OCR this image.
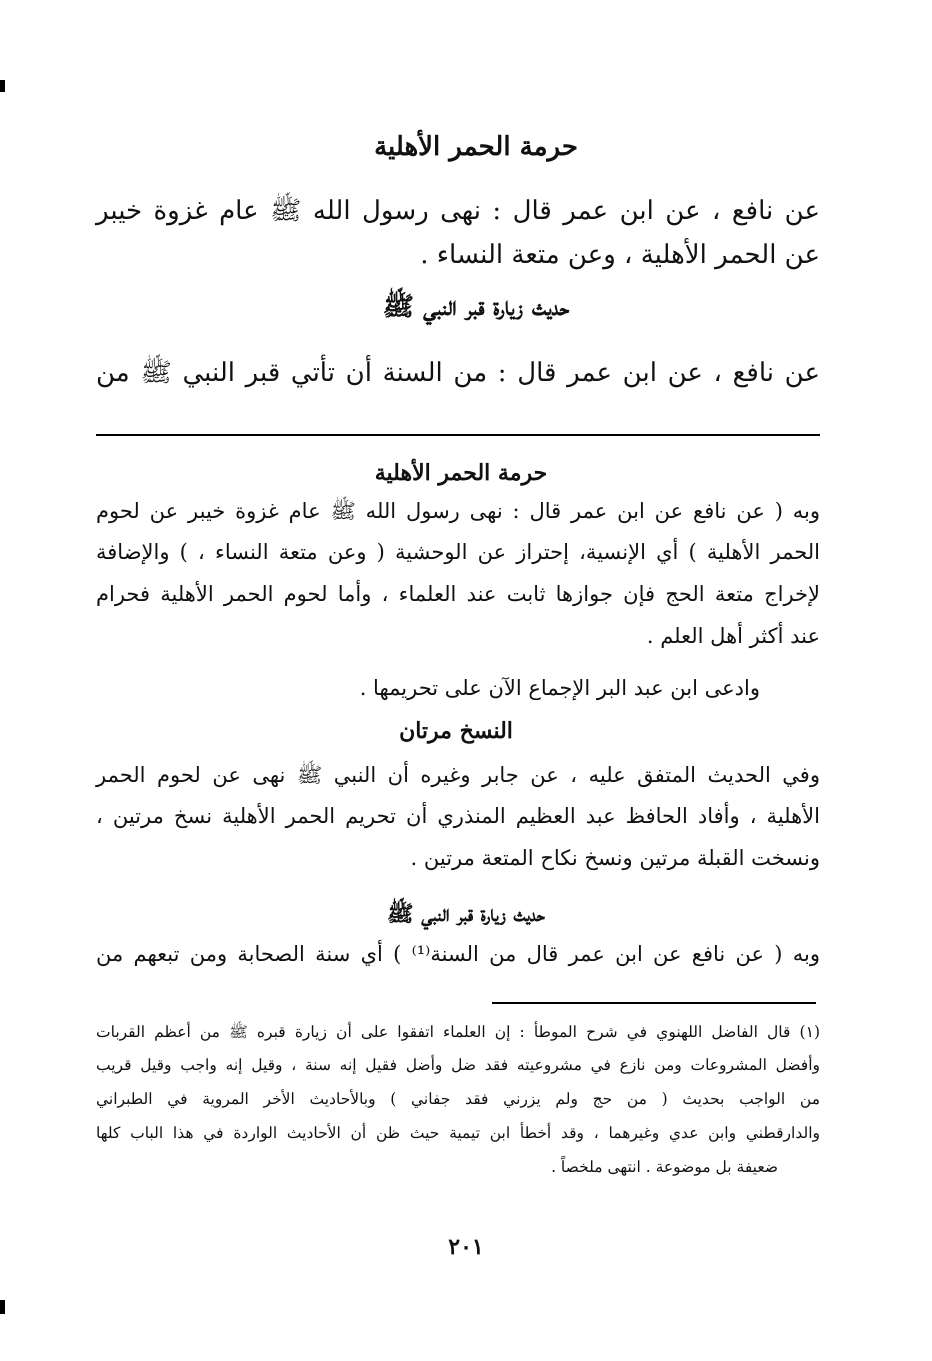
حرمة الحمر الأهلية
عن نافع ، عن ابن عمر قال : نهى رسول الله ﷺ عام غزوة خيبر
عن الحمر الأهلية ، وعن متعة النساء .
حديث زيارة قبر النبي ﷺ
عن نافع ، عن ابن عمر قال : من السنة أن تأتي قبر النبي ﷺ من
حرمة الحمر الأهلية
وبه ( عن نافع عن ابن عمر قال : نهى رسول الله ﷺ عام غزوة خيبر عن لحوم
الحمر الأهلية ) أي الإنسية، إحتراز عن الوحشية ( وعن متعة النساء ، ) والإضافة
لإخراج متعة الحج فإن جوازها ثابت عند العلماء ، وأما لحوم الحمر الأهلية فحرام
عند أكثر أهل العلم .
وادعى ابن عبد البر الإجماع الآن على تحريمها .
النسخ مرتان
وفي الحديث المتفق عليه ، عن جابر وغيره أن النبي ﷺ نهى عن لحوم الحمر
الأهلية ، وأفاد الحافظ عبد العظيم المنذري أن تحريم الحمر الأهلية نسخ مرتين ،
ونسخت القبلة مرتين ونسخ نكاح المتعة مرتين .
حديث زيارة قبر النبي ﷺ
وبه ( عن نافع عن ابن عمر قال من السنة⁽¹⁾ ) أي سنة الصحابة ومن تبعهم من
(١) قال الفاضل اللهنوي في شرح الموطأ : إن العلماء اتفقوا على أن زيارة قبره ﷺ من أعظم القربات
وأفضل المشروعات ومن نازع في مشروعيته فقد ضل وأضل فقيل إنه سنة ، وقيل إنه واجب وقيل قريب
من الواجب بحديث ( من حج ولم يزرني فقد جفاني ) وبالأحاديث الأخر المروية في الطبراني
والدارقطني وابن عدي وغيرهما ، وقد أخطأ ابن تيمية حيث ظن أن الأحاديث الواردة في هذا الباب كلها
ضعيفة بل موضوعة . انتهى ملخصاً .
٢٠١
